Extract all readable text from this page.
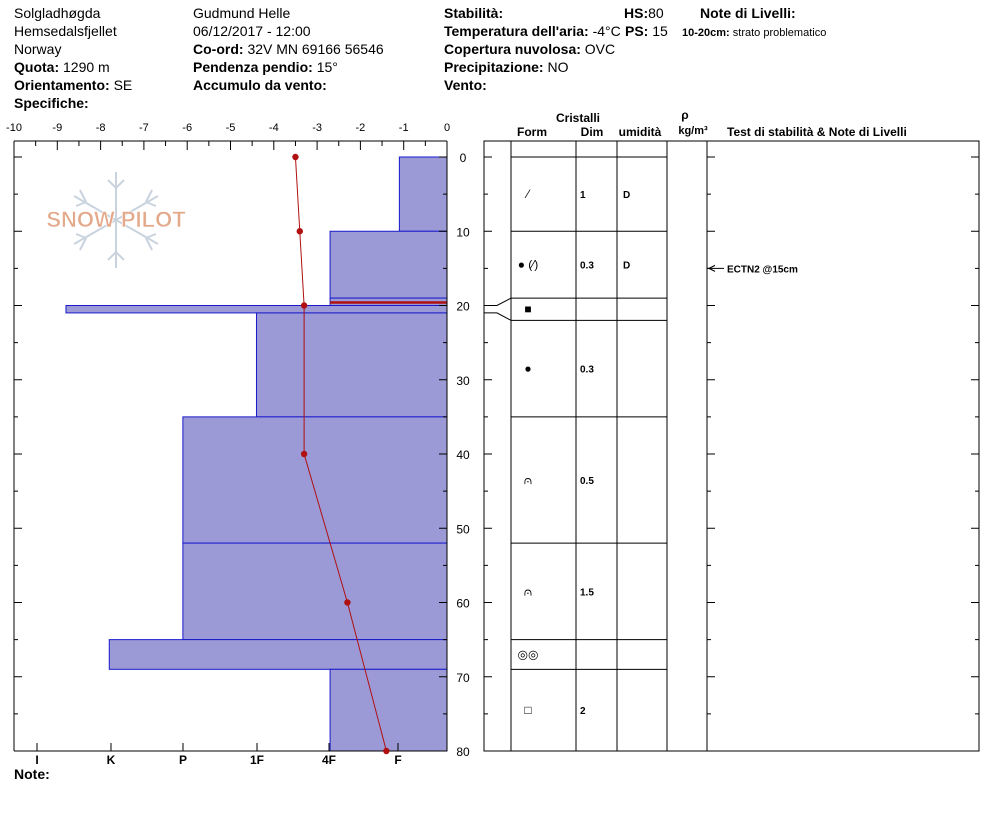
Solgladhøgda
Hemsedalsfjellet
Norway
Quota: 1290 m
Orientamento: SE
Specifiche:
Gudmund Helle
06/12/2017 - 12:00
Co-ord: 32V MN 69166 56546
Pendenza pendio: 15°
Accumulo da vento:
Stabilità:
Temperatura dell'aria: -4°C
Copertura nuvolosa: OVC
Precipitazione: NO
Vento:
HS:80
PS: 15
Note di Livelli:
10-20cm: strato problematico
SNOW PILOT
-10	-9	-8	-7	-6	-5	-4	-3	-2	-1	0
0
10
20
30
40
50
60
70
80
I	K	P	1F	4F	F
Cristalli
Form	Dim umidità
ρ
kg/m³ Test di stabilità & Note di Livelli
⁄	1	D
● (⁄)	0.3	D
■
●	0.3
⩀	0.5
⩀	1.5
◎◎
□	2
ECTN2 @15cm
Note:
